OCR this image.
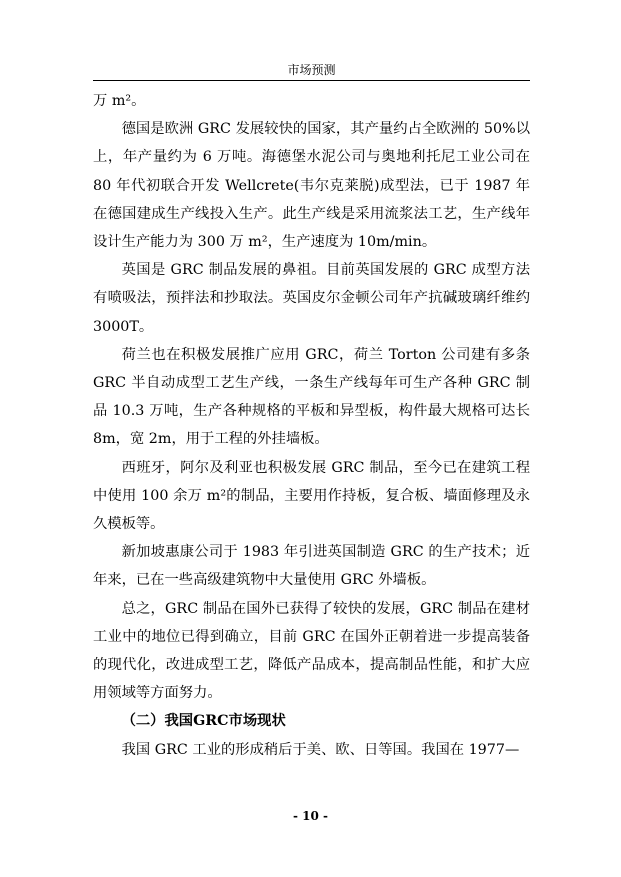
市场预测

万 m²。

德国是欧洲 GRC 发展较快的国家，其产量约占全欧洲的 50%以上，年产量约为 6 万吨。海德堡水泥公司与奥地利托尼工业公司在 80 年代初联合开发 Wellcrete(韦尔克莱脱)成型法，已于 1987 年在德国建成生产线投入生产。此生产线是采用流浆法工艺，生产线年设计生产能力为 300 万 m²，生产速度为 10m/min。

英国是 GRC 制品发展的鼻祖。目前英国发展的 GRC 成型方法有喷吸法，预拌法和抄取法。英国皮尔金顿公司年产抗碱玻璃纤维约 3000T。

荷兰也在积极发展推广应用 GRC，荷兰 Torton 公司建有多条 GRC 半自动成型工艺生产线，一条生产线每年可生产各种 GRC 制品 10.3 万吨，生产各种规格的平板和异型板，构件最大规格可达长 8m，宽 2m，用于工程的外挂墙板。

西班牙，阿尔及利亚也积极发展 GRC 制品，至今已在建筑工程中使用 100 余万 m²的制品，主要用作持板，复合板、墙面修理及永久模板等。

新加坡惠康公司于 1983 年引进英国制造 GRC 的生产技术；近年来，已在一些高级建筑物中大量使用 GRC 外墙板。

总之，GRC 制品在国外已获得了较快的发展，GRC 制品在建材工业中的地位已得到确立，目前 GRC 在国外正朝着进一步提高装备的现代化，改进成型工艺，降低产品成本，提高制品性能，和扩大应用领域等方面努力。

（二）我国GRC市场现状

我国 GRC 工业的形成稍后于美、欧、日等国。我国在 1977—

- 10 -
